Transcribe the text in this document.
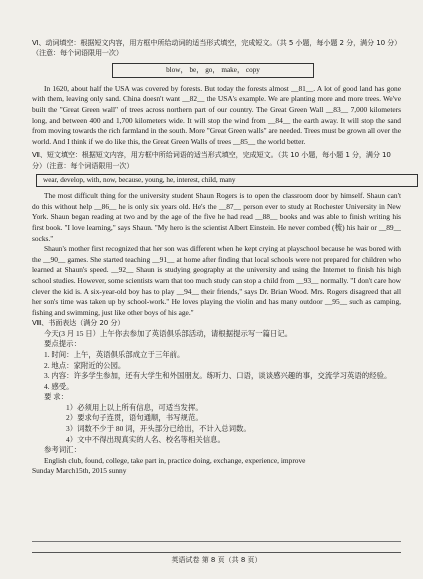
Ⅵ、动词填空：根据短文内容，用方框中所给动词的适当形式填空，完成短文。（共 5 小题，每小题 2 分，满分 10 分）（注意：每个词语限用一次）
blow， be， go， make， copy

In 1620, about half the USA was covered by forests. But today the forests almost __81__. A lot of good land has gone with them, leaving only sand. China doesn't want __82__ the USA's example. We are planting more and more trees. We've built the "Great Green wall" of trees across northern part of our country. The Great Green Wall __83__ 7,000 kilometers long, and between 400 and 1,700 kilometers wide. It will stop the wind from __84__ the earth away. It will stop the sand from moving towards the rich farmland in the south. More "Great Green walls" are needed. Trees must be grown all over the world. And I think if we do like this, the Great Green Walls of trees __85__ the world better.

Ⅶ、短文填空：根据短文内容，用方框中所给词语的适当形式填空，完成短文。（共 10 小题，每小题 1 分，满分 10 分）（注意：每个词语限用一次）
wear, develop, with, now, because, young, he, interest, child, many

The most difficult thing for the university student Shaun Rogers is to open the classroom door by himself. Shaun can't do this without help __86__ he is only six years old. He's the __87__ person ever to study at Rochester University in New York. Shaun began reading at two and by the age of the five he had read __88__ books and was able to finish writing his first book. "I love learning," says Shaun. "My hero is the scientist Albert Einstein. He never combed (梳) his hair or __89__ socks."

Shaun's mother first recognized that her son was different when he kept crying at playschool because he was bored with the __90__ games. She started teaching __91__ at home after finding that local schools were not prepared for children who learned at Shaun's speed. __92__ Shaun is studying geography at the university and using the Internet to finish his high school studies. However, some scientists warn that too much study can stop a child from __93__ normally. "I don't care how clever the kid is. A six-year-old boy has to play __94__ their friends," says Dr. Brian Wood. Mrs. Rogers disagreed that all her son's time was taken up by school-work." He loves playing the violin and has many outdoor __95__ such as camping, fishing and swimming, just like other boys of his age."

Ⅷ、书面表达（满分 20 分）

今天(3 月 15 日）上午你去参加了英语俱乐部活动，请根据提示写一篇日记。

要点提示：
1. 时间：上午，英语俱乐部成立于三年前。
2. 地点：家附近的公园。
3. 内容：许多学生参加，还有大学生和外国朋友。练听力、口语，谈谈感兴趣的事，交流学习英语的经验。
4. 感受。
要 求：
1）必须用上以上所有信息，可适当发挥。
2）要求句子连贯，语句通顺，书写规范。
3）词数不少于 80 词，开头部分已给出，不计入总词数。
4）文中不得出现真实的人名、校名等相关信息。
参考词汇：
English club, found, college, take part in, practice doing, exchange, experience, improve
Sunday March15th, 2015 sunny
英语试卷 第 8 页（共 8 页）
